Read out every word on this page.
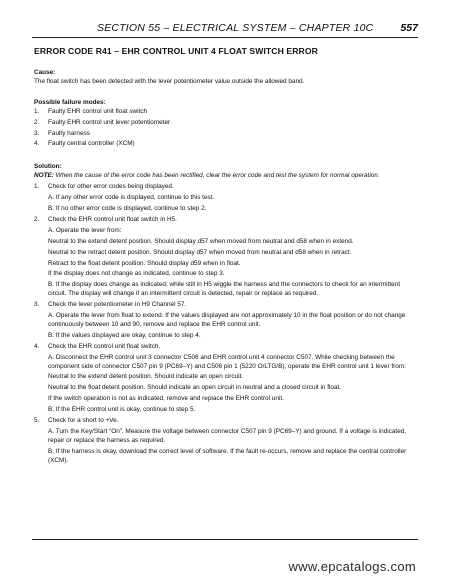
SECTION 55 – ELECTRICAL SYSTEM – CHAPTER 10C	557
ERROR CODE R41 – EHR CONTROL UNIT 4 FLOAT SWITCH ERROR
Cause:

The float switch has been detected with the lever potentiometer value outside the allowed band.

Possible failure modes:
1. Faulty EHR control unit float switch
2. Faulty EHR control unit lever potentiometer
3. Faulty harness
4. Faulty central controller (XCM)
Solution:

NOTE: When the cause of the error code has been rectified, clear the error code and test the system for normal operation.

1. Check for other error codes being displayed.
A. If any other error code is displayed, continue to this test.
B. If no other error code is displayed, continue to step 2.
2. Check the EHR control unit float switch in H5.
A. Operate the lever from:
Neutral to the extend detent position. Should display d57 when moved from neutral and d58 when in extend.
Neutral to the retract detent position. Should display d57 when moved from neutral and d58 when in retract.
Retract to the float detent position. Should display d59 when in float.
If the display does not change as indicated, continue to step 3.
B. If the display does change as indicated, while still in H5 wiggle the harness and the connectors to check for an intermittent circuit. The display will change if an intermittent circuit is detected, repair or replace as required.
3. Check the lever potentiometer in H9 Channel 57.
A. Operate the lever from float to extend. If the values displayed are not approximately 10 in the float position or do not change continuously between 10 and 90, remove and replace the EHR control unit.
B. If the values displayed are okay, continue to step 4.
4. Check the EHR control unit float switch.
A. Disconnect the EHR control unit 3 connector C506 and EHR control unit 4 connector C507. While checking between the component side of connector C507 pin 9 (PC69–Y) and C506 pin 1 (5220 O/LTG/B), operate the EHR control unit 1 lever from:
Neutral to the extend detent position. Should indicate an open circuit.
Neutral to the float detent position. Should indicate an open circuit in neutral and a closed circuit in float.
If the switch operation is not as indicated, remove and replace the EHR control unit.
B. If the EHR control unit is okay, continue to step 5.
5. Check for a short to +Ve.
A. Turn the Key/Start “On”. Measure the voltage between connector C507 pin 9 (PC69–Y) and ground. If a voltage is indicated, repair or replace the harness as required.
B. If the harness is okay, download the correct level of software. If the fault re-occurs, remove and replace the central controller (XCM).
www.epcatalogs.com
